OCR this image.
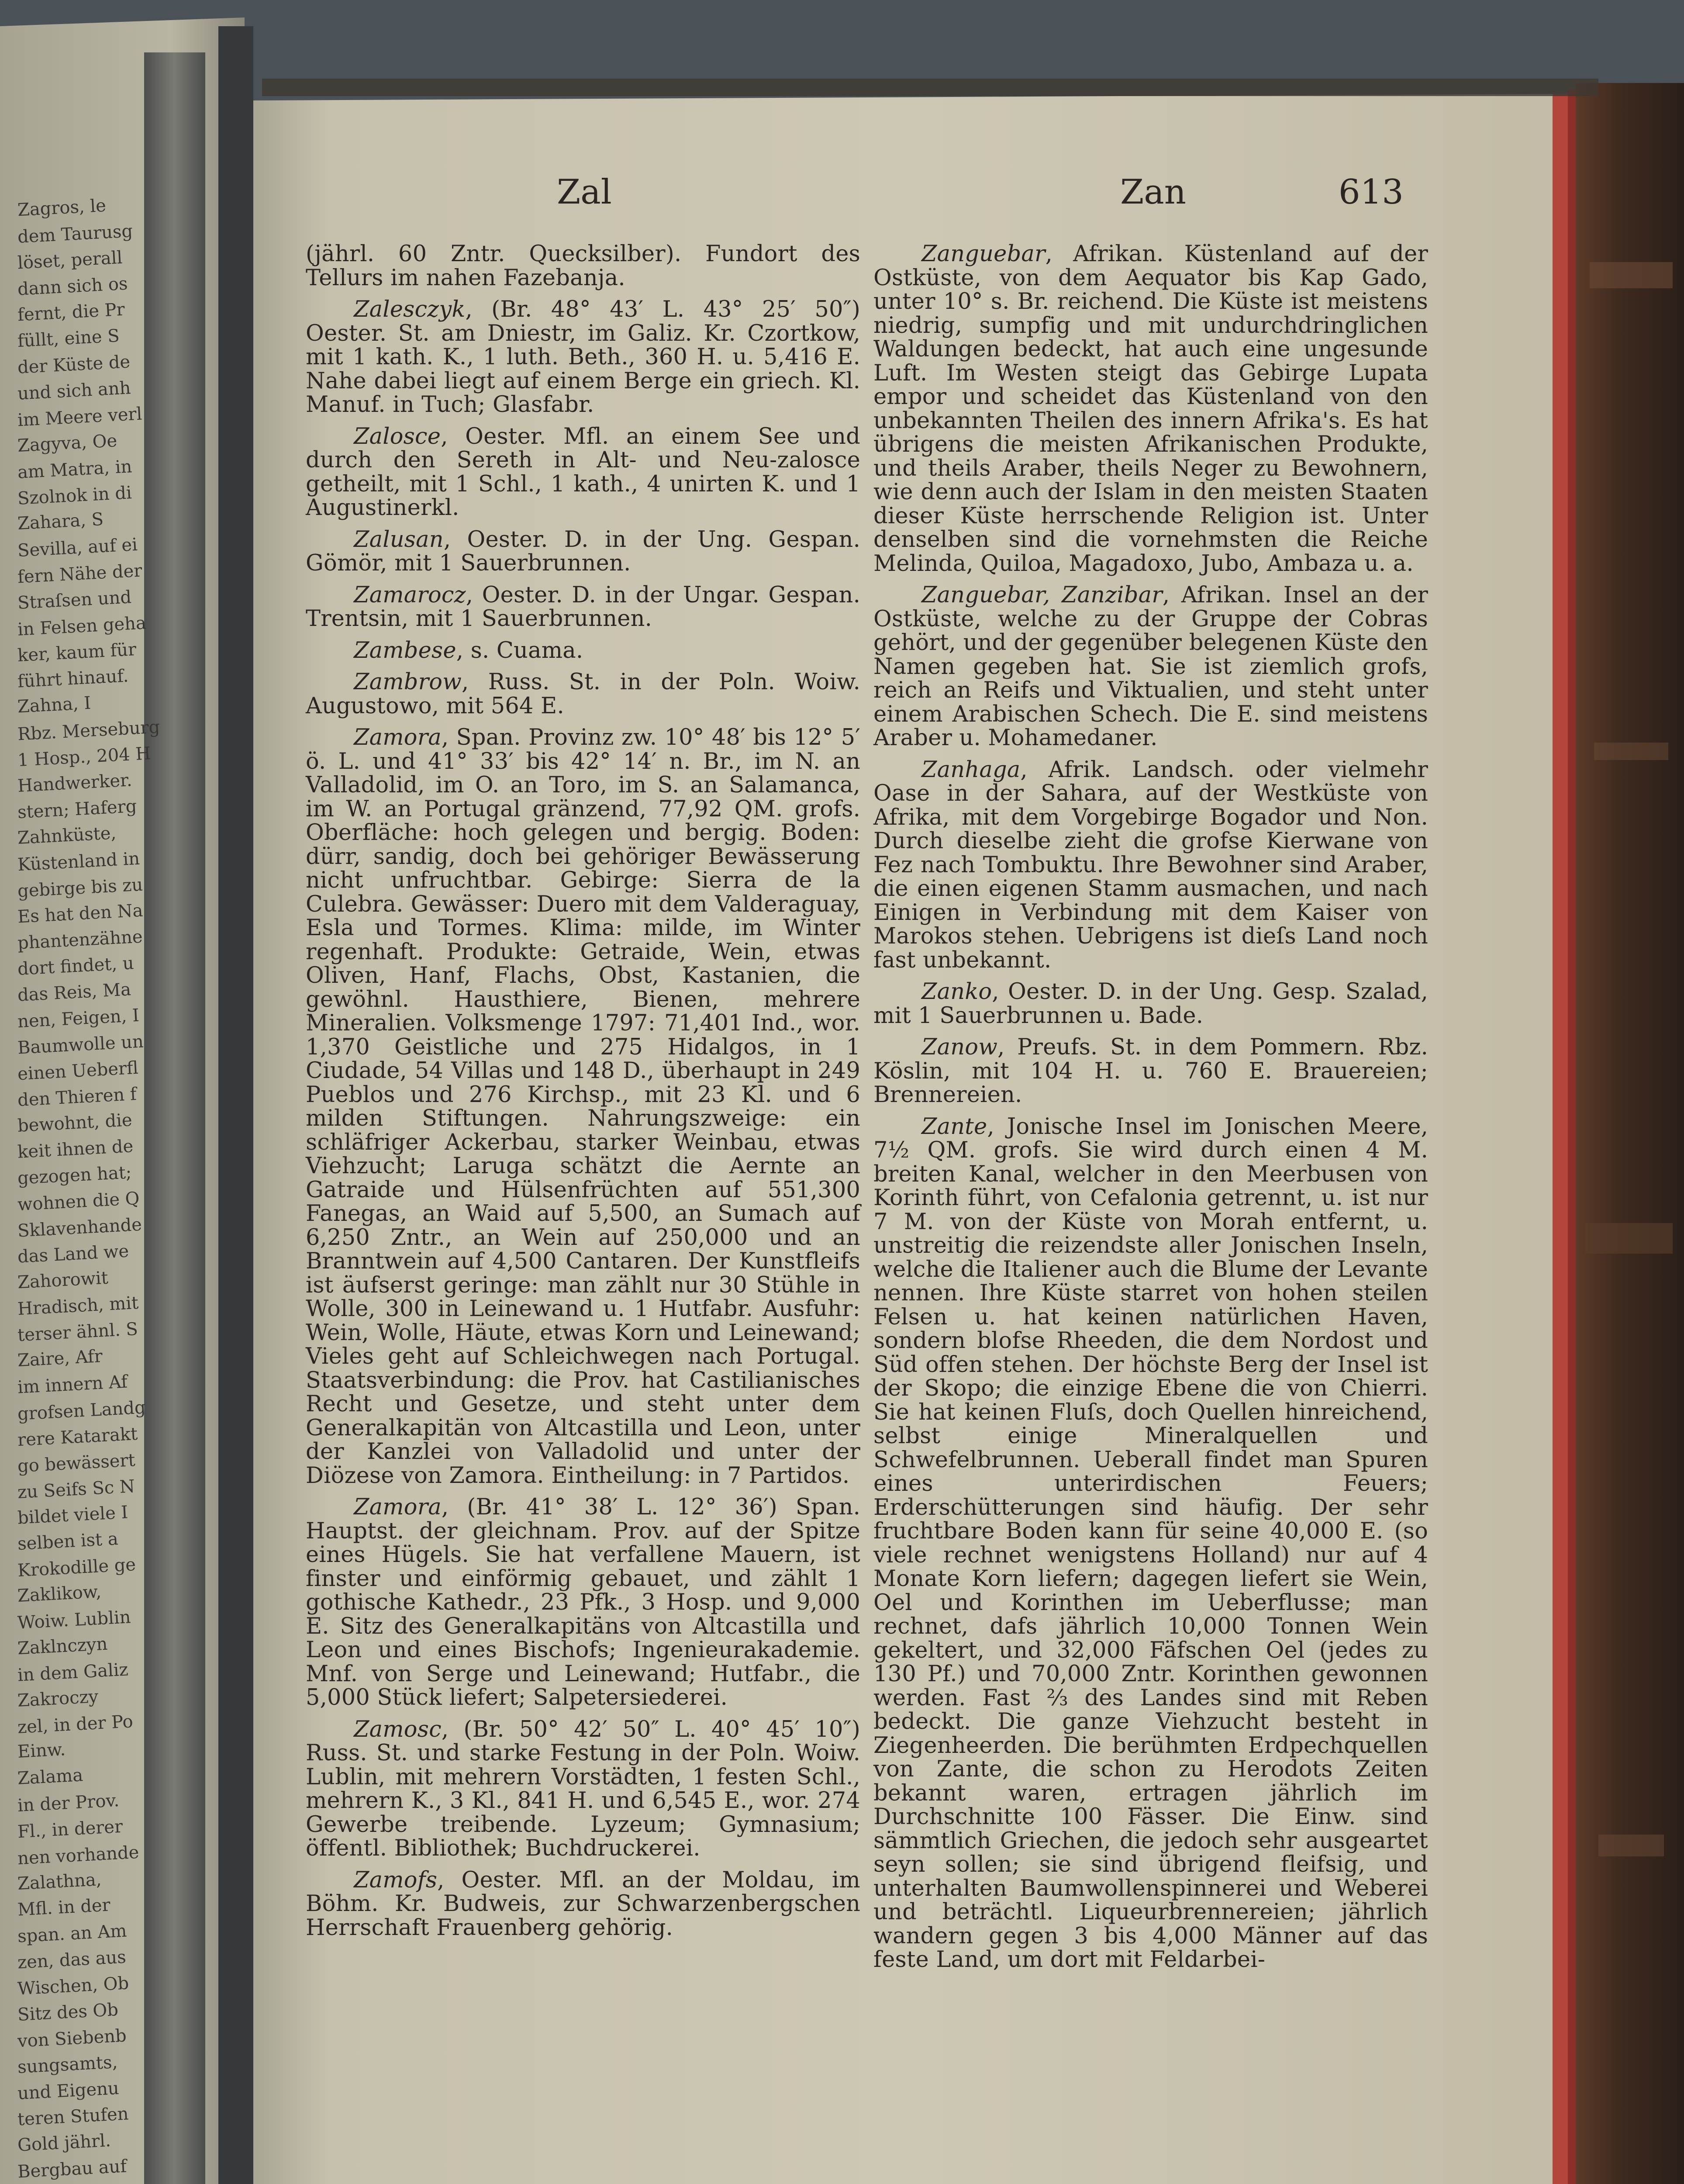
Zagros, le
dem Taurusg
löset, perall
dann sich os
fernt, die Pr
füllt, eine S
der Küste de
und sich anh
im Meere verl
Zagyva, Oe
am Matra, in
Szolnok in di
Zahara, S
Sevilla, auf ei
fern Nähe der
Straſsen und
in Felsen geha
ker, kaum für
führt hinauf.
Zahna, I
Rbz. Merseburg
1 Hosp., 204 H
Handwerker.
stern; Haferg
Zahnküste,
Küstenland in
gebirge bis zu
Es hat den Na
phantenzähne
dort findet, u
das Reis, Ma
nen, Feigen, I
Baumwolle un
einen Ueberfl
den Thieren f
bewohnt, die
keit ihnen de
gezogen hat;
wohnen die Q
Sklavenhande
das Land we
Zahorowit
Hradisch, mit
terser ähnl. S
Zaire, Afr
im innern Af
grofsen Landg
rere Katarakt
go bewässert
zu Seifs Sc N
bildet viele I
selben ist a
Krokodille ge
Zaklikow,
Woiw. Lublin
Zaklnczyn
in dem Galiz
Zakroczy
zel, in der Po
Einw.
Zalama
in der Prov.
Fl., in derer
nen vorhande
Zalathna,
Mfl. in der
span. an Am
zen, das aus
Wischen, Ob
Sitz des Ob
von Siebenb
sungsamts,
und Eigenu
teren Stufen
Gold jährl.
Bergbau auf
Zal	Zan	613

(jährl. 60 Zntr. Quecksilber). Fundort des Tellurs im nahen Fazebanja.

Zalesczyk, (Br. 48° 43′ L. 43° 25′ 50″) Oester. St. am Dniestr, im Galiz. Kr. Czortkow, mit 1 kath. K., 1 luth. Beth., 360 H. u. 5,416 E. Nahe dabei liegt auf einem Berge ein griech. Kl. Manuf. in Tuch; Glasfabr.

Zalosce, Oester. Mfl. an einem See und durch den Sereth in Alt- und Neu-zalosce getheilt, mit 1 Schl., 1 kath., 4 unirten K. und 1 Augustinerkl.

Zalusan, Oester. D. in der Ung. Gespan. Gömör, mit 1 Sauerbrunnen.

Zamarocz, Oester. D. in der Ungar. Gespan. Trentsin, mit 1 Sauerbrunnen.

Zambese, s. Cuama.

Zambrow, Russ. St. in der Poln. Woiw. Augustowo, mit 564 E.

Zamora, Span. Provinz zw. 10° 48′ bis 12° 5′ ö. L. und 41° 33′ bis 42° 14′ n. Br., im N. an Valladolid, im O. an Toro, im S. an Salamanca, im W. an Portugal gränzend, 77,92 QM. grofs. Oberfläche: hoch gelegen und bergig. Boden: dürr, sandig, doch bei gehöriger Bewässerung nicht unfruchtbar. Gebirge: Sierra de la Culebra. Gewässer: Duero mit dem Valderaguay, Esla und Tormes. Klima: milde, im Winter regenhaft. Produkte: Getraide, Wein, etwas Oliven, Hanf, Flachs, Obst, Kastanien, die gewöhnl. Hausthiere, Bienen, mehrere Mineralien. Volksmenge 1797: 71,401 Ind., wor. 1,370 Geistliche und 275 Hidalgos, in 1 Ciudade, 54 Villas und 148 D., überhaupt in 249 Pueblos und 276 Kirchsp., mit 23 Kl. und 6 milden Stiftungen. Nahrungszweige: ein schläfriger Ackerbau, starker Weinbau, etwas Viehzucht; Laruga schätzt die Aernte an Gatraide und Hülsenfrüchten auf 551,300 Fanegas, an Waid auf 5,500, an Sumach auf 6,250 Zntr., an Wein auf 250,000 und an Branntwein auf 4,500 Cantaren. Der Kunstfleifs ist äufserst geringe: man zählt nur 30 Stühle in Wolle, 300 in Leinewand u. 1 Hutfabr. Ausfuhr: Wein, Wolle, Häute, etwas Korn und Leinewand; Vieles geht auf Schleichwegen nach Portugal. Staatsverbindung: die Prov. hat Castilianisches Recht und Gesetze, und steht unter dem Generalkapitän von Altcastilla und Leon, unter der Kanzlei von Valladolid und unter der Diözese von Zamora. Eintheilung: in 7 Partidos.

Zamora, (Br. 41° 38′ L. 12° 36′) Span. Hauptst. der gleichnam. Prov. auf der Spitze eines Hügels. Sie hat verfallene Mauern, ist finster und einförmig gebauet, und zählt 1 gothische Kathedr., 23 Pfk., 3 Hosp. und 9,000 E. Sitz des Generalkapitäns von Altcastilla und Leon und eines Bischofs; Ingenieurakademie. Mnf. von Serge und Leinewand; Hutfabr., die 5,000 Stück liefert; Salpetersiederei.

Zamosc, (Br. 50° 42′ 50″ L. 40° 45′ 10″) Russ. St. und starke Festung in der Poln. Woiw. Lublin, mit mehrern Vorstädten, 1 festen Schl., mehrern K., 3 Kl., 841 H. und 6,545 E., wor. 274 Gewerbe treibende. Lyzeum; Gymnasium; öffentl. Bibliothek; Buchdruckerei.

Zamofs, Oester. Mfl. an der Moldau, im Böhm. Kr. Budweis, zur Schwarzenbergschen Herrschaft Frauenberg gehörig.

Zanguebar, Afrikan. Küstenland auf der Ostküste, von dem Aequator bis Kap Gado, unter 10° s. Br. reichend. Die Küste ist meistens niedrig, sumpfig und mit undurchdringlichen Waldungen bedeckt, hat auch eine ungesunde Luft. Im Westen steigt das Gebirge Lupata empor und scheidet das Küstenland von den unbekannten Theilen des innern Afrika's. Es hat übrigens die meisten Afrikanischen Produkte, und theils Araber, theils Neger zu Bewohnern, wie denn auch der Islam in den meisten Staaten dieser Küste herrschende Religion ist. Unter denselben sind die vornehmsten die Reiche Melinda, Quiloa, Magadoxo, Jubo, Ambaza u. a.

Zanguebar, Zanzibar, Afrikan. Insel an der Ostküste, welche zu der Gruppe der Cobras gehört, und der gegenüber belegenen Küste den Namen gegeben hat. Sie ist ziemlich grofs, reich an Reifs und Viktualien, und steht unter einem Arabischen Schech. Die E. sind meistens Araber u. Mohamedaner.

Zanhaga, Afrik. Landsch. oder vielmehr Oase in der Sahara, auf der Westküste von Afrika, mit dem Vorgebirge Bogador und Non. Durch dieselbe zieht die grofse Kierwane von Fez nach Tombuktu. Ihre Bewohner sind Araber, die einen eigenen Stamm ausmachen, und nach Einigen in Verbindung mit dem Kaiser von Marokos stehen. Uebrigens ist dieſs Land noch fast unbekannt.

Zanko, Oester. D. in der Ung. Gesp. Szalad, mit 1 Sauerbrunnen u. Bade.

Zanow, Preufs. St. in dem Pommern. Rbz. Köslin, mit 104 H. u. 760 E. Brauereien; Brennereien.

Zante, Jonische Insel im Jonischen Meere, 7½ QM. grofs. Sie wird durch einen 4 M. breiten Kanal, welcher in den Meerbusen von Korinth führt, von Cefalonia getrennt, u. ist nur 7 M. von der Küste von Morah entfernt, u. unstreitig die reizendste aller Jonischen Inseln, welche die Italiener auch die Blume der Levante nennen. Ihre Küste starret von hohen steilen Felsen u. hat keinen natürlichen Haven, sondern blofse Rheeden, die dem Nordost und Süd offen stehen. Der höchste Berg der Insel ist der Skopo; die einzige Ebene die von Chierri. Sie hat keinen Fluſs, doch Quellen hinreichend, selbst einige Mineralquellen und Schwefelbrunnen. Ueberall findet man Spuren eines unterirdischen Feuers; Erderschütterungen sind häufig. Der sehr fruchtbare Boden kann für seine 40,000 E. (so viele rechnet wenigstens Holland) nur auf 4 Monate Korn liefern; dagegen liefert sie Wein, Oel und Korinthen im Ueberflusse; man rechnet, dafs jährlich 10,000 Tonnen Wein gekeltert, und 32,000 Fäfschen Oel (jedes zu 130 Pf.) und 70,000 Zntr. Korinthen gewonnen werden. Fast ⅔ des Landes sind mit Reben bedeckt. Die ganze Viehzucht besteht in Ziegenheerden. Die berühmten Erdpechquellen von Zante, die schon zu Herodots Zeiten bekannt waren, ertragen jährlich im Durchschnitte 100 Fässer. Die Einw. sind sämmtlich Griechen, die jedoch sehr ausgeartet seyn sollen; sie sind übrigend fleifsig, und unterhalten Baumwollenspinnerei und Weberei und beträchtl. Liqueurbrennereien; jährlich wandern gegen 3 bis 4,000 Männer auf das feste Land, um dort mit Feldarbei-
